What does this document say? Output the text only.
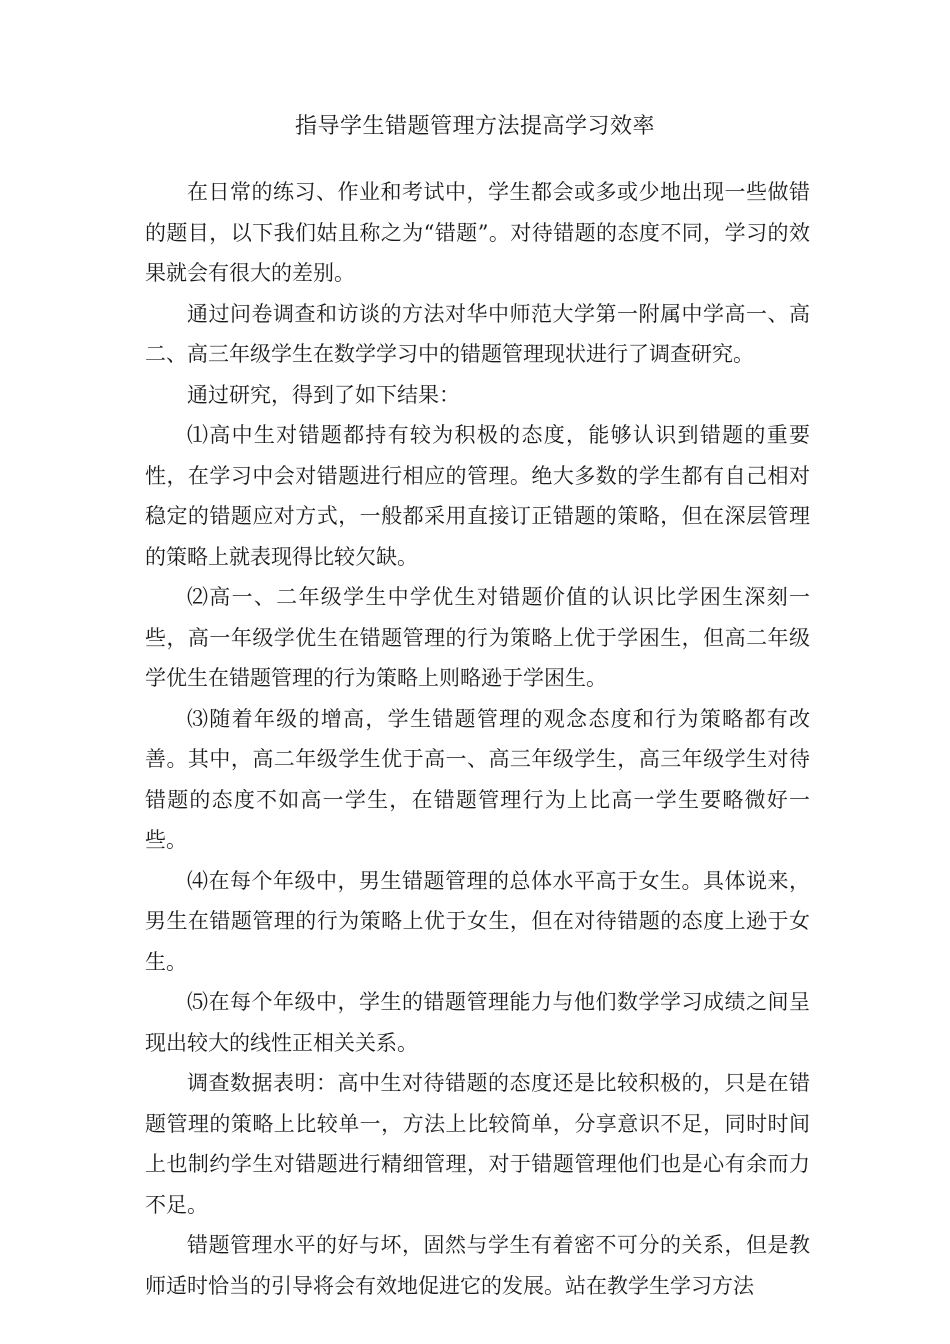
指导学生错题管理方法提高学习效率

在日常的练习、作业和考试中，学生都会或多或少地出现一些做错的题目，以下我们姑且称之为“错题”。对待错题的态度不同，学习的效果就会有很大的差别。

通过问卷调查和访谈的方法对华中师范大学第一附属中学高一、高二、高三年级学生在数学学习中的错题管理现状进行了调查研究。

通过研究，得到了如下结果：

⑴高中生对错题都持有较为积极的态度，能够认识到错题的重要性，在学习中会对错题进行相应的管理。绝大多数的学生都有自己相对稳定的错题应对方式，一般都采用直接订正错题的策略，但在深层管理的策略上就表现得比较欠缺。

⑵高一、二年级学生中学优生对错题价值的认识比学困生深刻一些，高一年级学优生在错题管理的行为策略上优于学困生，但高二年级学优生在错题管理的行为策略上则略逊于学困生。

⑶随着年级的增高，学生错题管理的观念态度和行为策略都有改善。其中，高二年级学生优于高一、高三年级学生，高三年级学生对待错题的态度不如高一学生，在错题管理行为上比高一学生要略微好一些。

⑷在每个年级中，男生错题管理的总体水平高于女生。具体说来，男生在错题管理的行为策略上优于女生，但在对待错题的态度上逊于女生。

⑸在每个年级中，学生的错题管理能力与他们数学学习成绩之间呈现出较大的线性正相关关系。

调查数据表明：高中生对待错题的态度还是比较积极的，只是在错题管理的策略上比较单一，方法上比较简单，分享意识不足，同时时间上也制约学生对错题进行精细管理，对于错题管理他们也是心有余而力不足。

错题管理水平的好与坏，固然与学生有着密不可分的关系，但是教师适时恰当的引导将会有效地促进它的发展。站在教学生学习方法
